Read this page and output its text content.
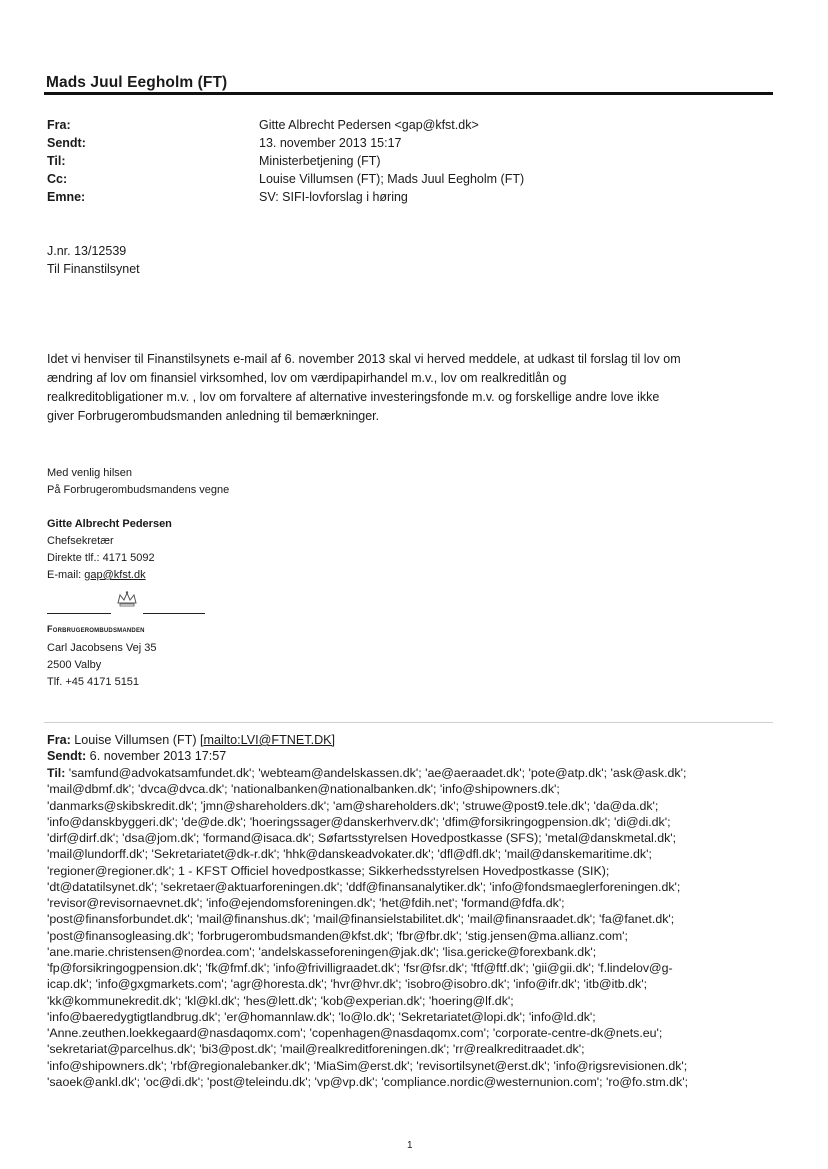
Mads Juul Eegholm (FT)
Fra:	Gitte Albrecht Pedersen <gap@kfst.dk>
Sendt:	13. november 2013 15:17
Til:	Ministerbetjening (FT)
Cc:	Louise Villumsen (FT); Mads Juul Eegholm (FT)
Emne:	SV: SIFI-lovforslag i høring
J.nr. 13/12539
Til Finanstilsynet
Idet vi henviser til Finanstilsynets e-mail af 6. november 2013 skal vi herved meddele, at udkast til forslag til lov om
ændring af lov om finansiel virksomhed, lov om værdipapirhandel m.v., lov om realkreditlån og
realkreditobligationer m.v. , lov om forvaltere af alternative investeringsfonde m.v. og forskellige andre love ikke
giver Forbrugerombudsmanden anledning til bemærkninger.
Med venlig hilsen
På Forbrugerombudsmandens vegne
Gitte Albrecht Pedersen
Chefsekretær
Direkte tlf.: 4171 5092
E-mail: gap@kfst.dk
Forbrugerombudsmanden
Carl Jacobsens Vej 35
2500 Valby
Tlf. +45 4171 5151
Fra: Louise Villumsen (FT) [mailto:LVI@FTNET.DK]
Sendt: 6. november 2013 17:57
Til: 'samfund@advokatsamfundet.dk'; 'webteam@andelskassen.dk'; 'ae@aeraadet.dk'; 'pote@atp.dk'; 'ask@ask.dk';
'mail@dbmf.dk'; 'dvca@dvca.dk'; 'nationalbanken@nationalbanken.dk'; 'info@shipowners.dk';
'danmarks@skibskredit.dk'; 'jmn@shareholders.dk'; 'am@shareholders.dk'; 'struwe@post9.tele.dk'; 'da@da.dk';
'info@danskbyggeri.dk'; 'de@de.dk'; 'hoeringssager@danskerhverv.dk'; 'dfim@forsikringogpension.dk'; 'di@di.dk';
'dirf@dirf.dk'; 'dsa@jom.dk'; 'formand@isaca.dk'; Søfartsstyrelsen Hovedpostkasse (SFS); 'metal@danskmetal.dk';
'mail@lundorff.dk'; 'Sekretariatet@dk-r.dk'; 'hhk@danskeadvokater.dk'; 'dfl@dfl.dk'; 'mail@danskemaritime.dk';
'regioner@regioner.dk'; 1 - KFST Officiel hovedpostkasse; Sikkerhedsstyrelsen Hovedpostkasse (SIK);
'dt@datatilsynet.dk'; 'sekretaer@aktuarforeningen.dk'; 'ddf@finansanalytiker.dk'; 'info@fondsmaeglerforeningen.dk';
'revisor@revisornaevnet.dk'; 'info@ejendomsforeningen.dk'; 'het@fdih.net'; 'formand@fdfa.dk';
'post@finansforbundet.dk'; 'mail@finanshus.dk'; 'mail@finansielstabilitet.dk'; 'mail@finansraadet.dk'; 'fa@fanet.dk';
'post@finansogleasing.dk'; 'forbrugerombudsmanden@kfst.dk'; 'fbr@fbr.dk'; 'stig.jensen@ma.allianz.com';
'ane.marie.christensen@nordea.com'; 'andelskasseforeningen@jak.dk'; 'lisa.gericke@forexbank.dk';
'fp@forsikringogpension.dk'; 'fk@fmf.dk'; 'info@frivilligraadet.dk'; 'fsr@fsr.dk'; 'ftf@ftf.dk'; 'gii@gii.dk'; 'f.lindelov@g-
icap.dk'; 'info@gxgmarkets.com'; 'agr@horesta.dk'; 'hvr@hvr.dk'; 'isobro@isobro.dk'; 'info@ifr.dk'; 'itb@itb.dk';
'kk@kommunekredit.dk'; 'kl@kl.dk'; 'hes@lett.dk'; 'kob@experian.dk'; 'hoering@lf.dk';
'info@baeredygtigtlandbrug.dk'; 'er@homannlaw.dk'; 'lo@lo.dk'; 'Sekretariatet@lopi.dk'; 'info@ld.dk';
'Anne.zeuthen.loekkegaard@nasdaqomx.com'; 'copenhagen@nasdaqomx.com'; 'corporate-centre-dk@nets.eu';
'sekretariat@parcelhus.dk'; 'bi3@post.dk'; 'mail@realkreditforeningen.dk'; 'rr@realkreditraadet.dk';
'info@shipowners.dk'; 'rbf@regionalebanker.dk'; 'MiaSim@erst.dk'; 'revisortilsynet@erst.dk'; 'info@rigsrevisionen.dk';
'saoek@ankl.dk'; 'oc@di.dk'; 'post@teleindu.dk'; 'vp@vp.dk'; 'compliance.nordic@westernunion.com'; 'ro@fo.stm.dk';
1
